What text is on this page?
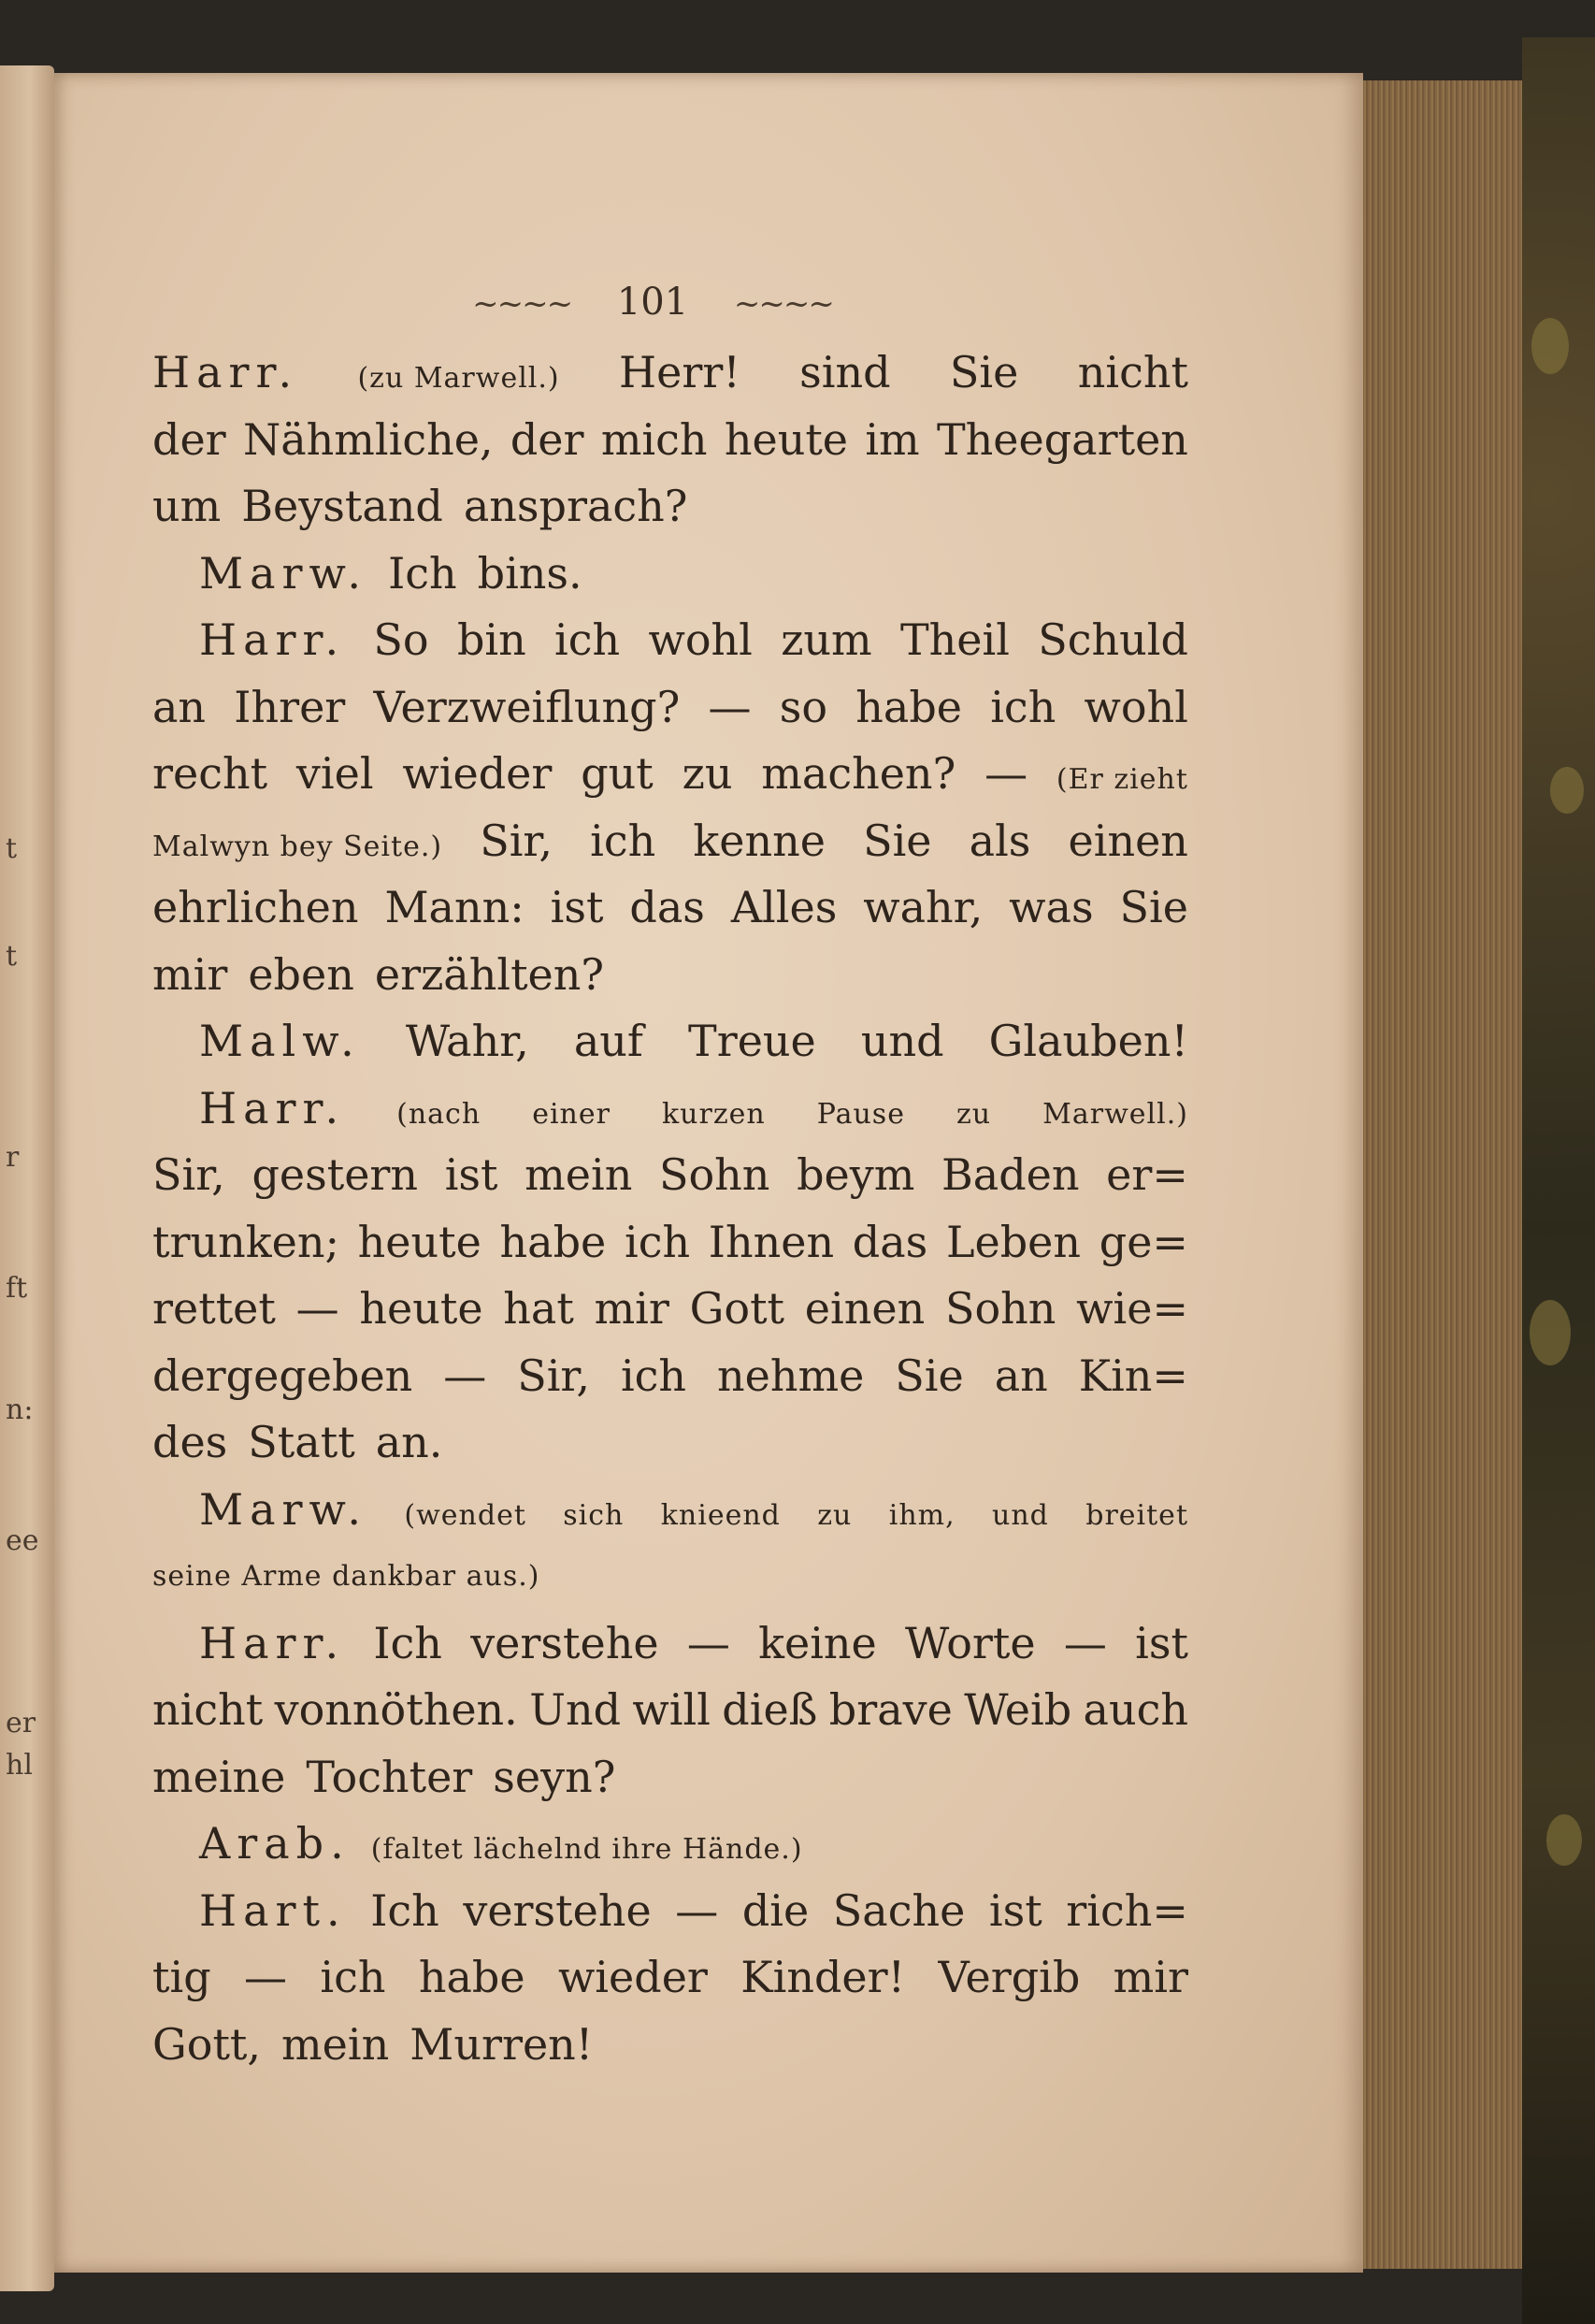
t
t
r
ft
n:
ee
er
hl
~~~~ 101 ~~~~
Harr. (zu Marwell.) Herr! sind Sie nicht
der Nähmliche, der mich heute im Theegarten
um Beystand ansprach?
Marw. Ich bins.
Harr. So bin ich wohl zum Theil Schuld
an Ihrer Verzweiflung? — so habe ich wohl
recht viel wieder gut zu machen? — (Er zieht
Malwyn bey Seite.) Sir, ich kenne Sie als einen
ehrlichen Mann: ist das Alles wahr, was Sie
mir eben erzählten?
Malw. Wahr, auf Treue und Glauben!
Harr. (nach einer kurzen Pause zu Marwell.)
Sir, gestern ist mein Sohn beym Baden er=
trunken; heute habe ich Ihnen das Leben ge=
rettet — heute hat mir Gott einen Sohn wie=
dergegeben — Sir, ich nehme Sie an Kin=
des Statt an.
Marw. (wendet sich knieend zu ihm, und breitet
seine Arme dankbar aus.)
Harr. Ich verstehe — keine Worte — ist
nicht vonnöthen. Und will dieß brave Weib auch
meine Tochter seyn?
Arab. (faltet lächelnd ihre Hände.)
Hart. Ich verstehe — die Sache ist rich=
tig — ich habe wieder Kinder! Vergib mir
Gott, mein Murren!
